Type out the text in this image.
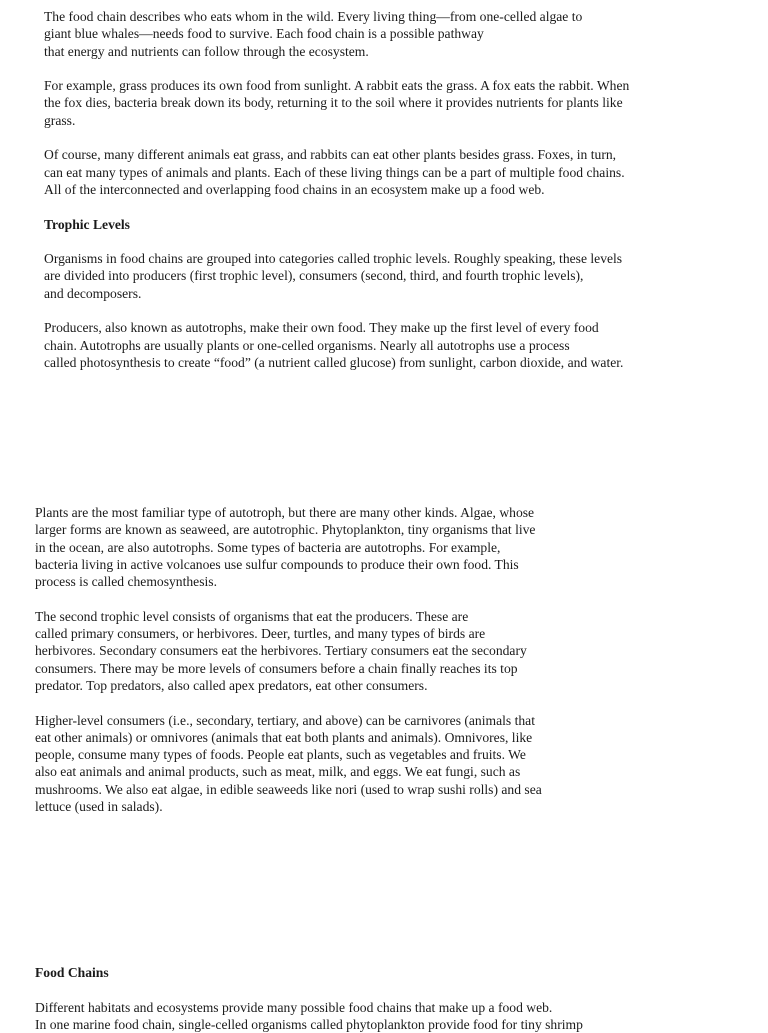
The food chain describes who eats whom in the wild. Every living thing—from one-celled algae to
giant blue whales—needs food to survive. Each food chain is a possible pathway
that energy and nutrients can follow through the ecosystem.
For example, grass produces its own food from sunlight. A rabbit eats the grass. A fox eats the rabbit. When
the fox dies, bacteria break down its body, returning it to the soil where it provides nutrients for plants like
grass.
Of course, many different animals eat grass, and rabbits can eat other plants besides grass. Foxes, in turn,
can eat many types of animals and plants. Each of these living things can be a part of multiple food chains.
All of the interconnected and overlapping food chains in an ecosystem make up a food web.
Trophic Levels
Organisms in food chains are grouped into categories called trophic levels. Roughly speaking, these levels
are divided into producers (first trophic level), consumers (second, third, and fourth trophic levels),
and decomposers.
Producers, also known as autotrophs, make their own food. They make up the first level of every food
chain. Autotrophs are usually plants or one-celled organisms. Nearly all autotrophs use a process
called photosynthesis to create “food” (a nutrient called glucose) from sunlight, carbon dioxide, and water.
Plants are the most familiar type of autotroph, but there are many other kinds. Algae, whose
larger forms are known as seaweed, are autotrophic. Phytoplankton, tiny organisms that live
in the ocean, are also autotrophs. Some types of bacteria are autotrophs. For example,
bacteria living in active volcanoes use sulfur compounds to produce their own food. This
process is called chemosynthesis.
The second trophic level consists of organisms that eat the producers. These are
called primary consumers, or herbivores. Deer, turtles, and many types of birds are
herbivores. Secondary consumers eat the herbivores. Tertiary consumers eat the secondary
consumers. There may be more levels of consumers before a chain finally reaches its top
predator. Top predators, also called apex predators, eat other consumers.
Higher-level consumers (i.e., secondary, tertiary, and above) can be carnivores (animals that
eat other animals) or omnivores (animals that eat both plants and animals). Omnivores, like
people, consume many types of foods. People eat plants, such as vegetables and fruits. We
also eat animals and animal products, such as meat, milk, and eggs. We eat fungi, such as
mushrooms. We also eat algae, in edible seaweeds like nori (used to wrap sushi rolls) and sea
lettuce (used in salads).
Food Chains
Different habitats and ecosystems provide many possible food chains that make up a food web.
In one marine food chain, single-celled organisms called phytoplankton provide food for tiny shrimp
